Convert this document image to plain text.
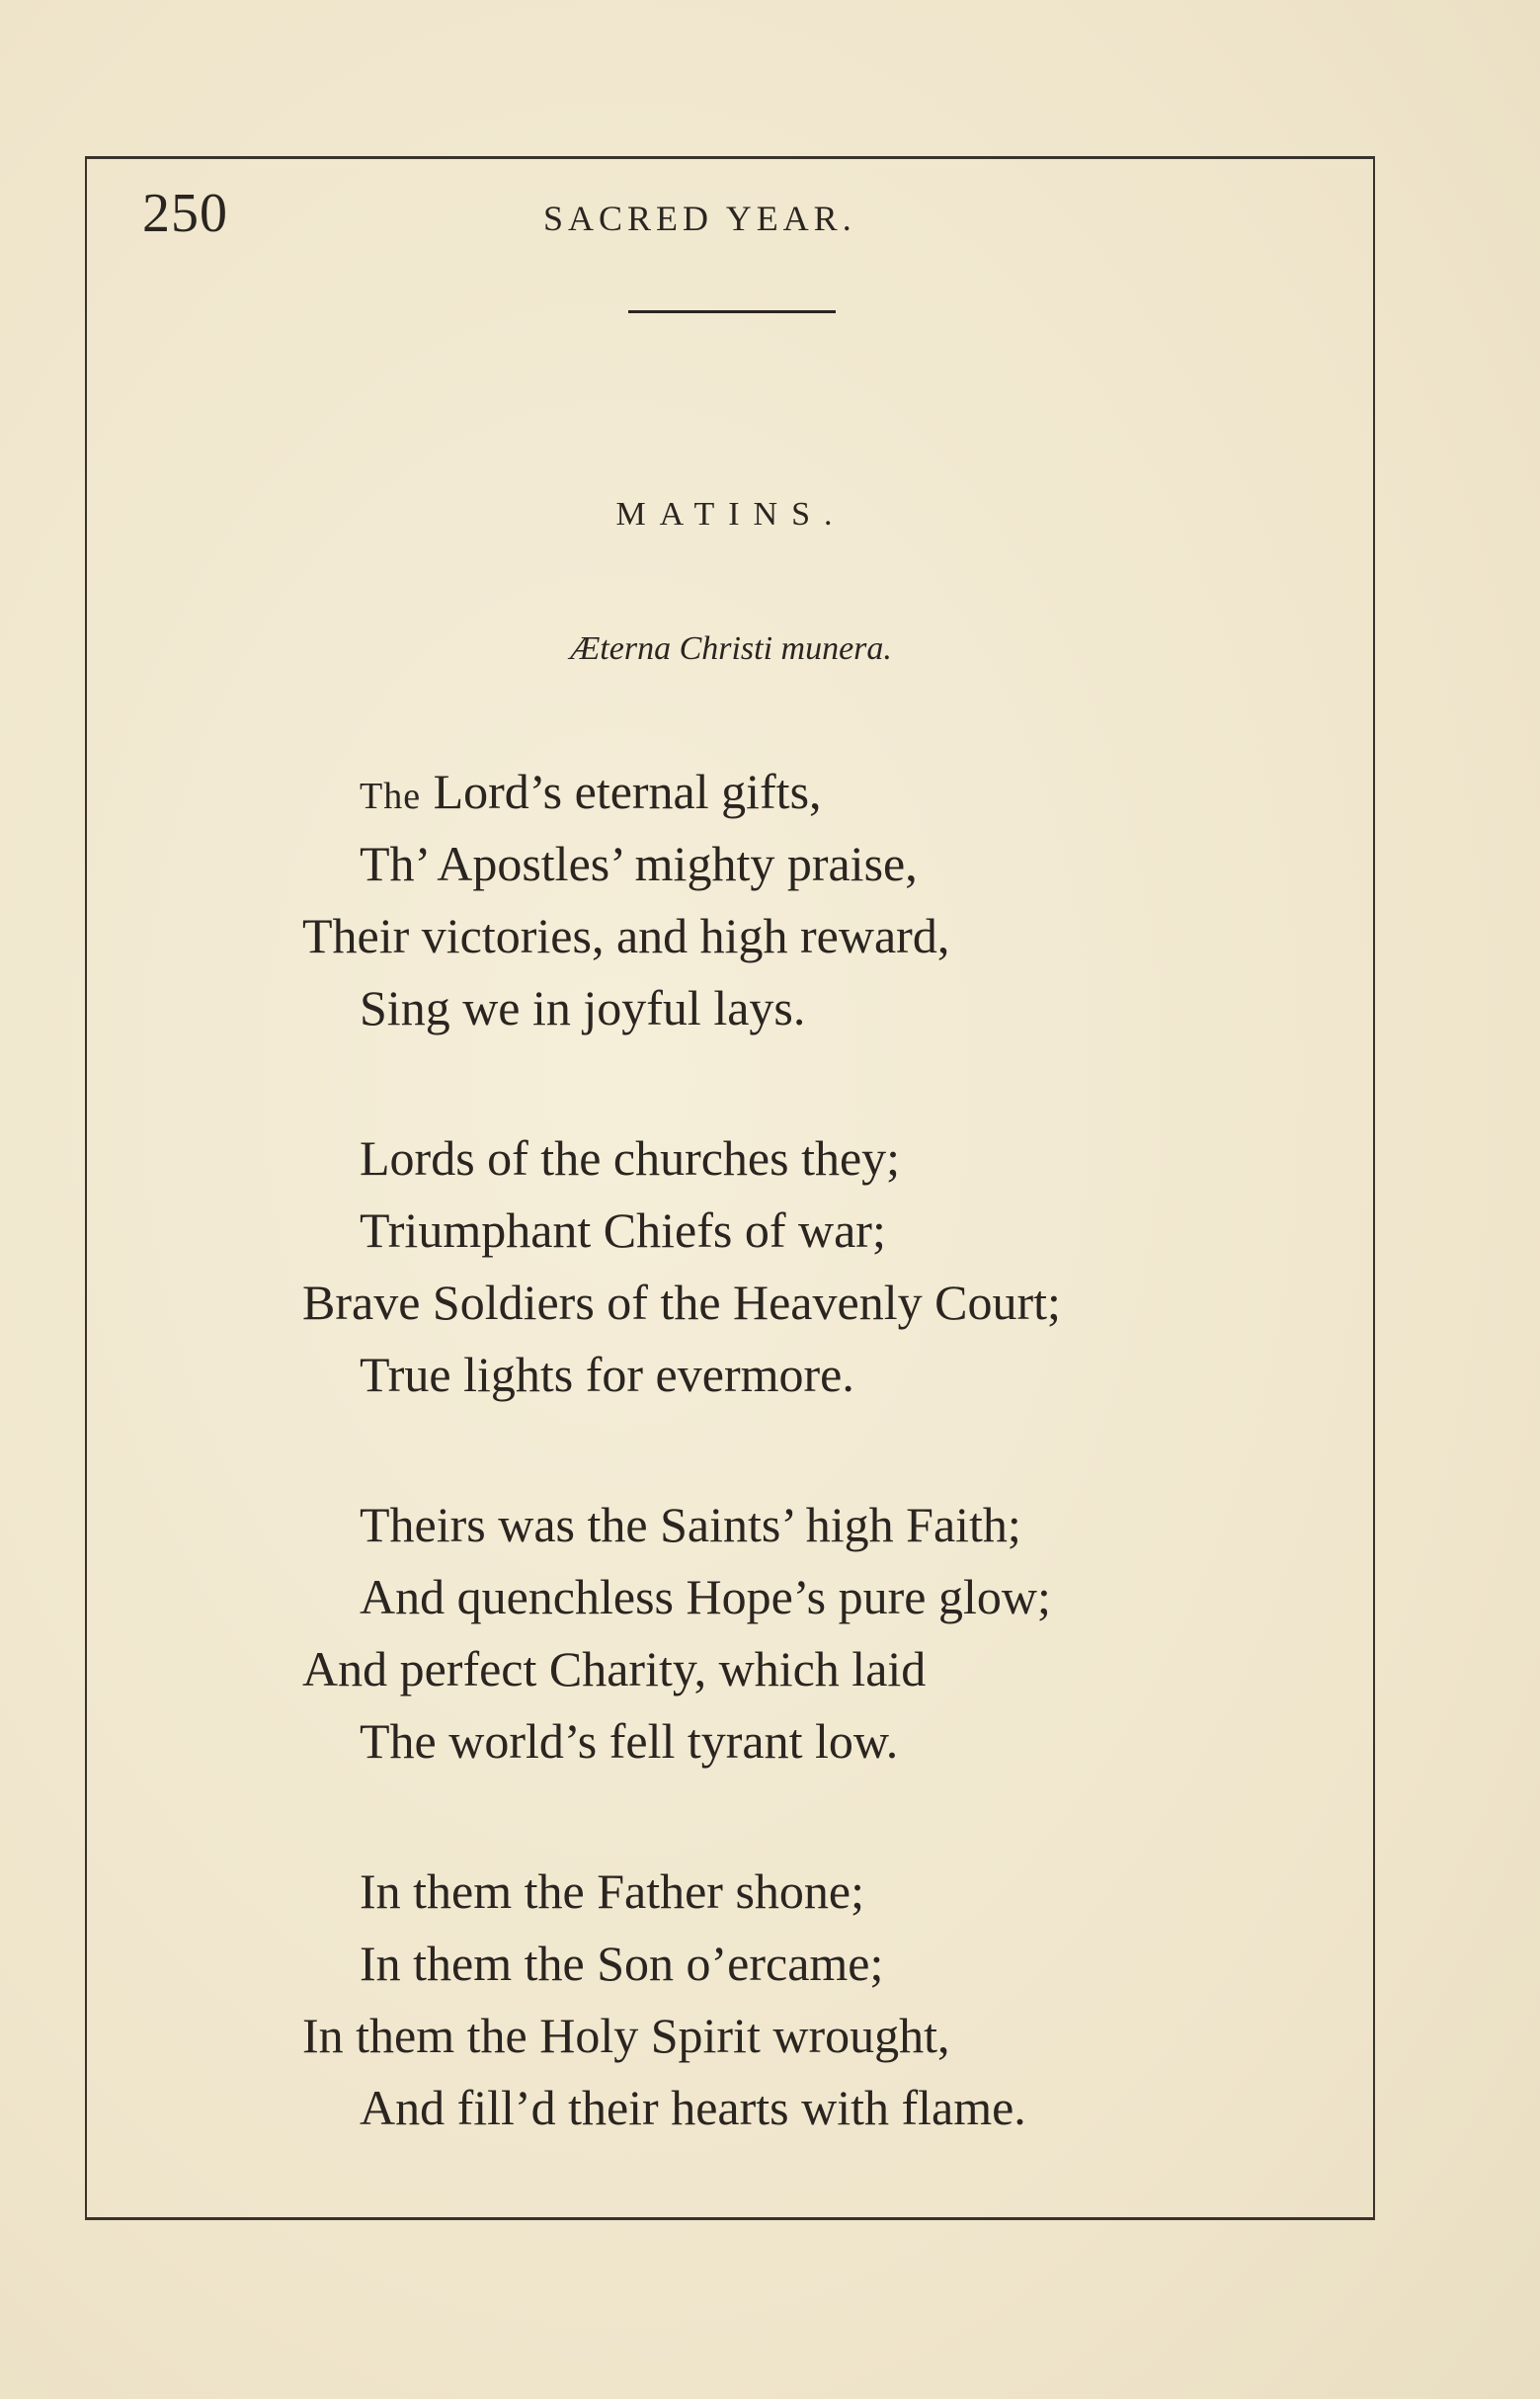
250	SACRED YEAR.
MATINS.
Æterna Christi munera.
The Lord’s eternal gifts,
Th’ Apostles’ mighty praise,
Their victories, and high reward,
Sing we in joyful lays.
Lords of the churches they;
Triumphant Chiefs of war;
Brave Soldiers of the Heavenly Court;
True lights for evermore.
Theirs was the Saints’ high Faith;
And quenchless Hope’s pure glow;
And perfect Charity, which laid
The world’s fell tyrant low.
In them the Father shone;
In them the Son o’ercame;
In them the Holy Spirit wrought,
And fill’d their hearts with flame.
